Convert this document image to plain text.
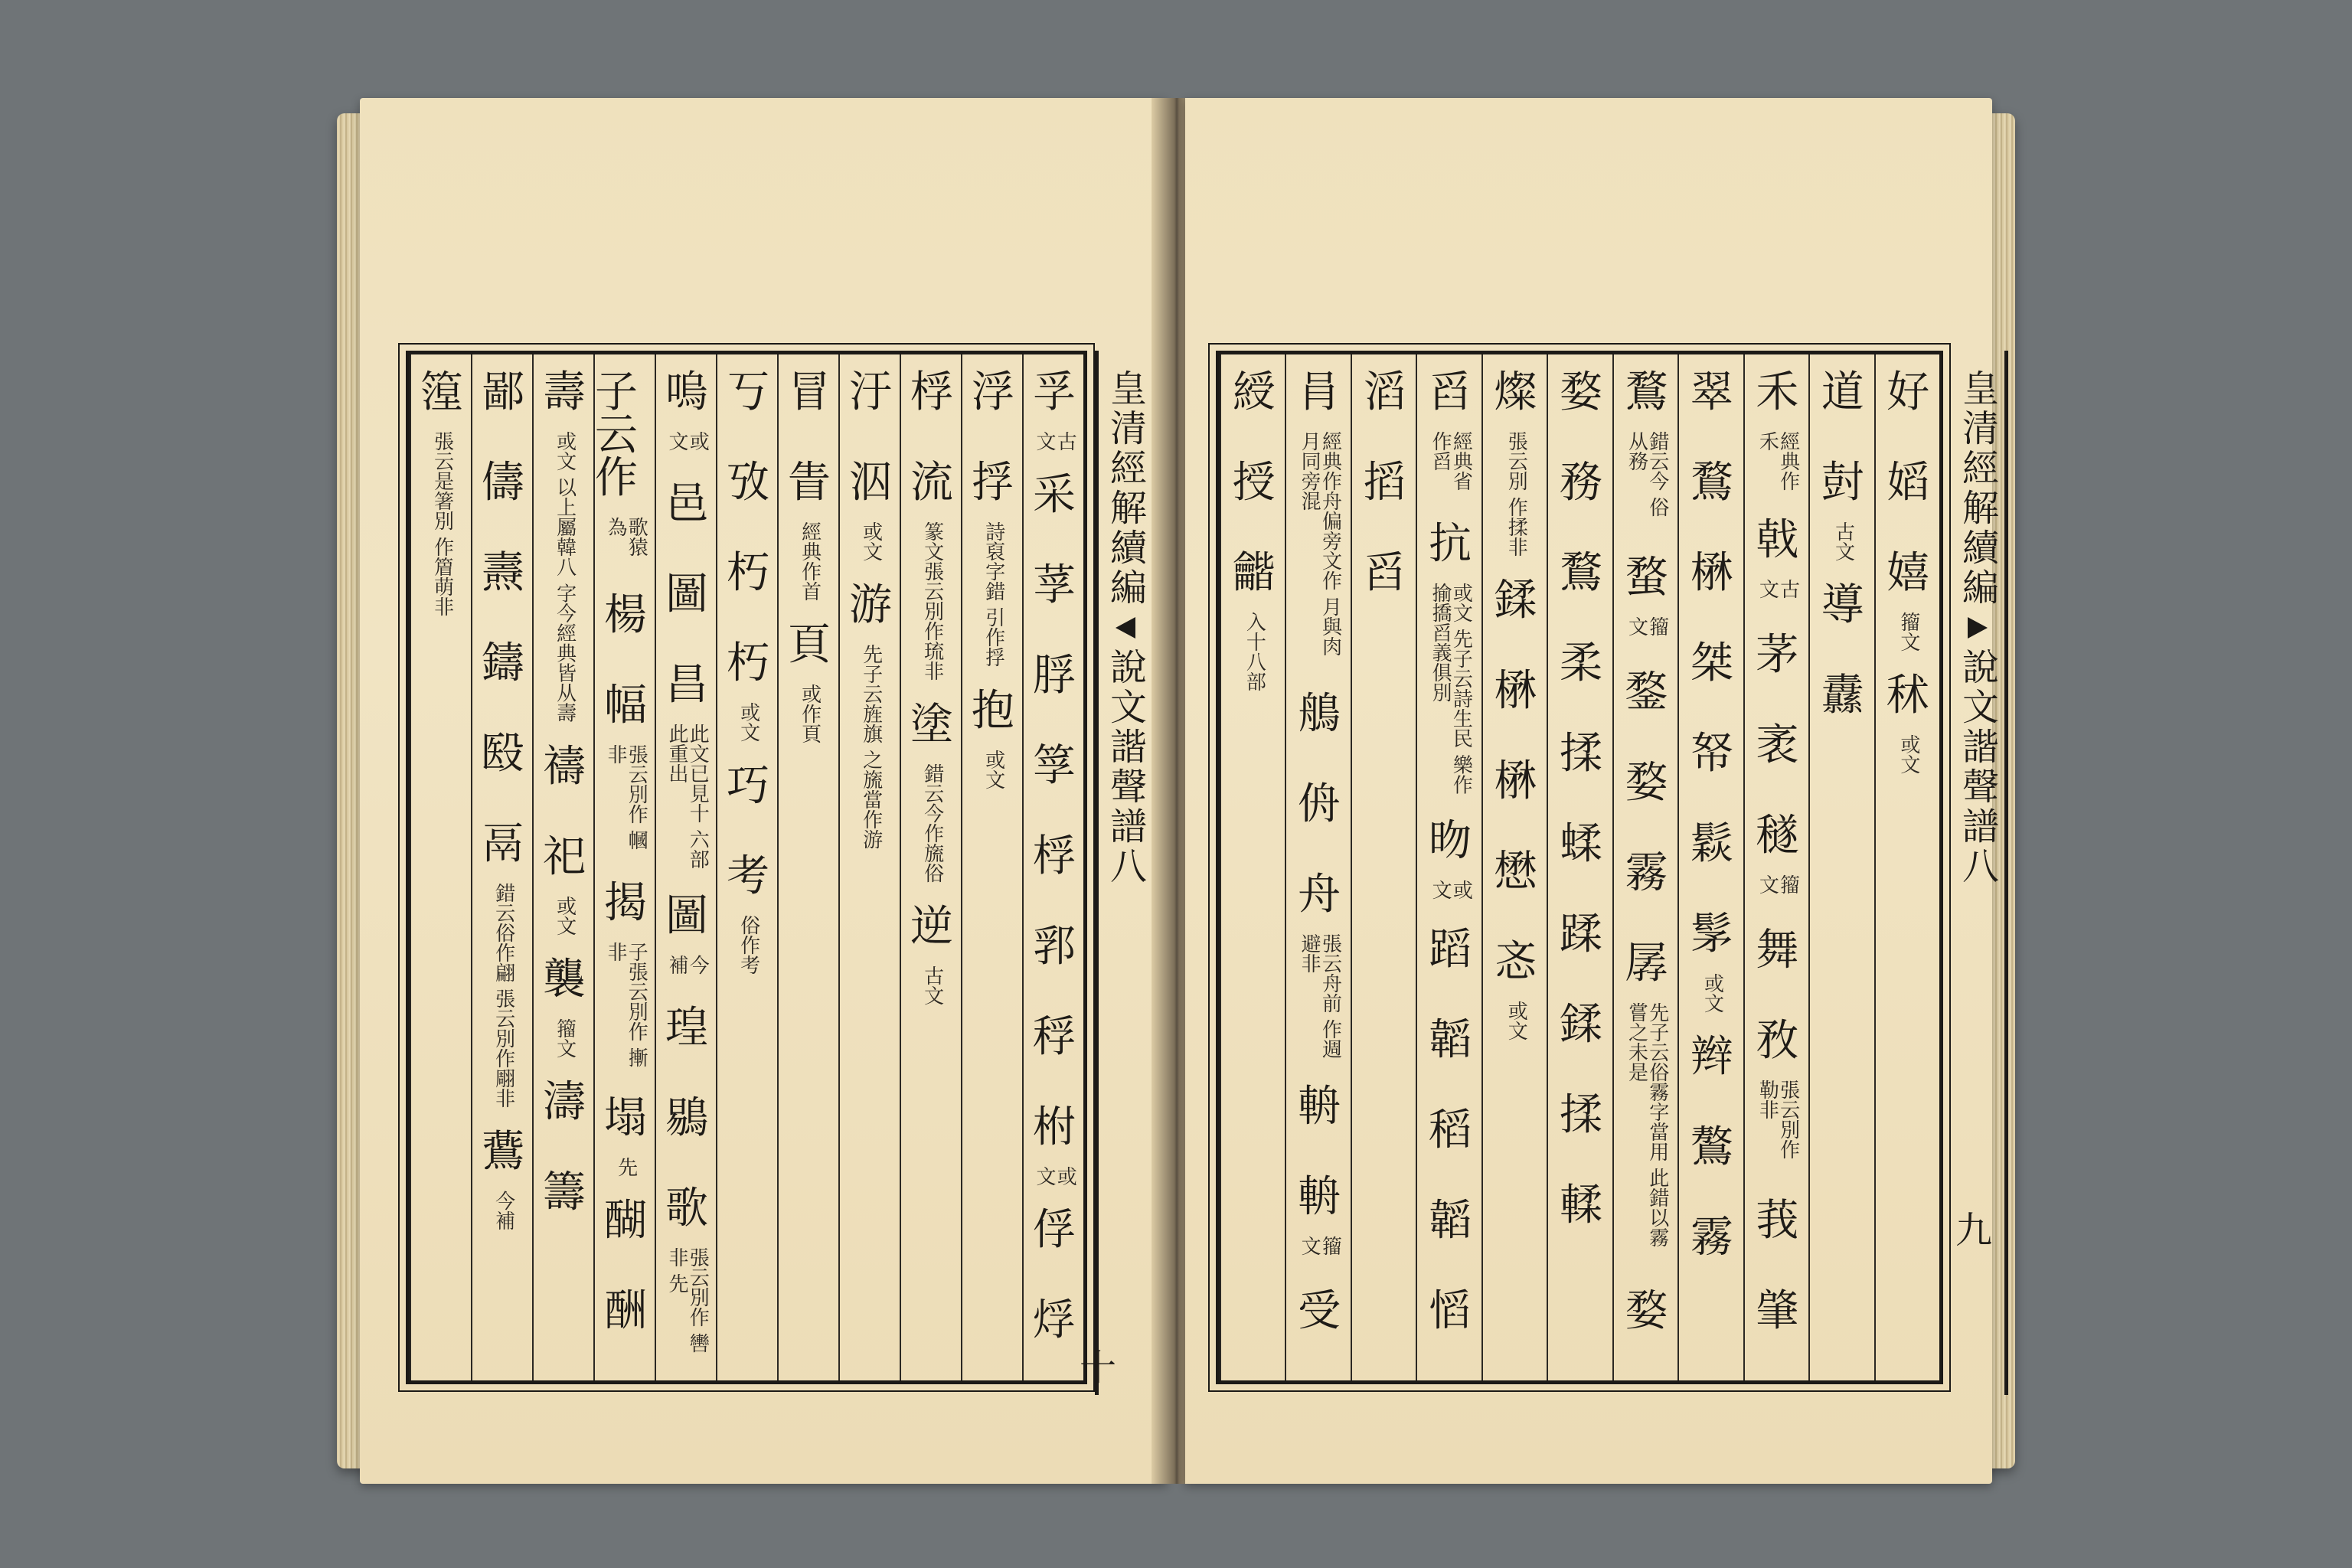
皇清經解續編
說文諧聲譜八
十
孚
古文
采
莩
脬
筟
桴
郛
稃
柎
或文
俘
烰
浮
捊
詩裒字錯 引作捊
抱
或文
桴
流
篆文張云別作琉非
塗
錯云今作旒俗
逆
古文
汙
泅
或文
游
先子云旌旗 之旒當作游
冒
眚
經典作首
頁
或作頁
丂
攷
朽
朽
或文
巧
考
俗作考
嗚
或文
邑
圖
昌
此文已見十 六部此重出
圖
今補
瑝
鶍
歌
張云別作 轡非 先
子云作
歌猿為
楊
幅
張云別作 幗非
揭
子張云別作 摲非
塌
先
醐
酬
壽
或文 以上屬韓八 字今經典皆从壽
禱
祀
或文
襲
籀文
濤
籌
鄙
儔
燾
鑄
殹
鬲
錯云俗作翩 張云別作翢非
鷰
今補
篞
張云是箸別 作篃萌非	皇清經解續編
說文諧聲譜八
九
好
嫍
嬉
籀文
秫
或文
道
尌
古文
導
纛
禾
經典作禾
戟
古文
茅
袤
穟
籀文
舞
敄
張云別作勒非
莪
肇
翠
鶩
楙
桀
帑
鬏
髳
或文
辫
鷔
霧
鶩
錯云今 俗从務
蝥
籀文
鍪
婺
霧
孱
先子云俗霧字當用 此錯以霧嘗之未是
婺
婺
務
鶩
柔
揉
蝚
蹂
鍒
揉
輮
燦
張云別 作揉非
鍒
楙
楙
懋
忞
或文
舀
經典省 作舀
抗
或文 先子云詩生民 樂作揄撟舀義俱別
昒
或文
蹈
韜
稻
韜
慆
滔
搯
舀
肙
經典作舟偏旁文作 月與肉月同旁混
鵃
侜
舟
張云舟前 作週避非
輈
輈
籀文
受
綬
授
龤
入十八部
